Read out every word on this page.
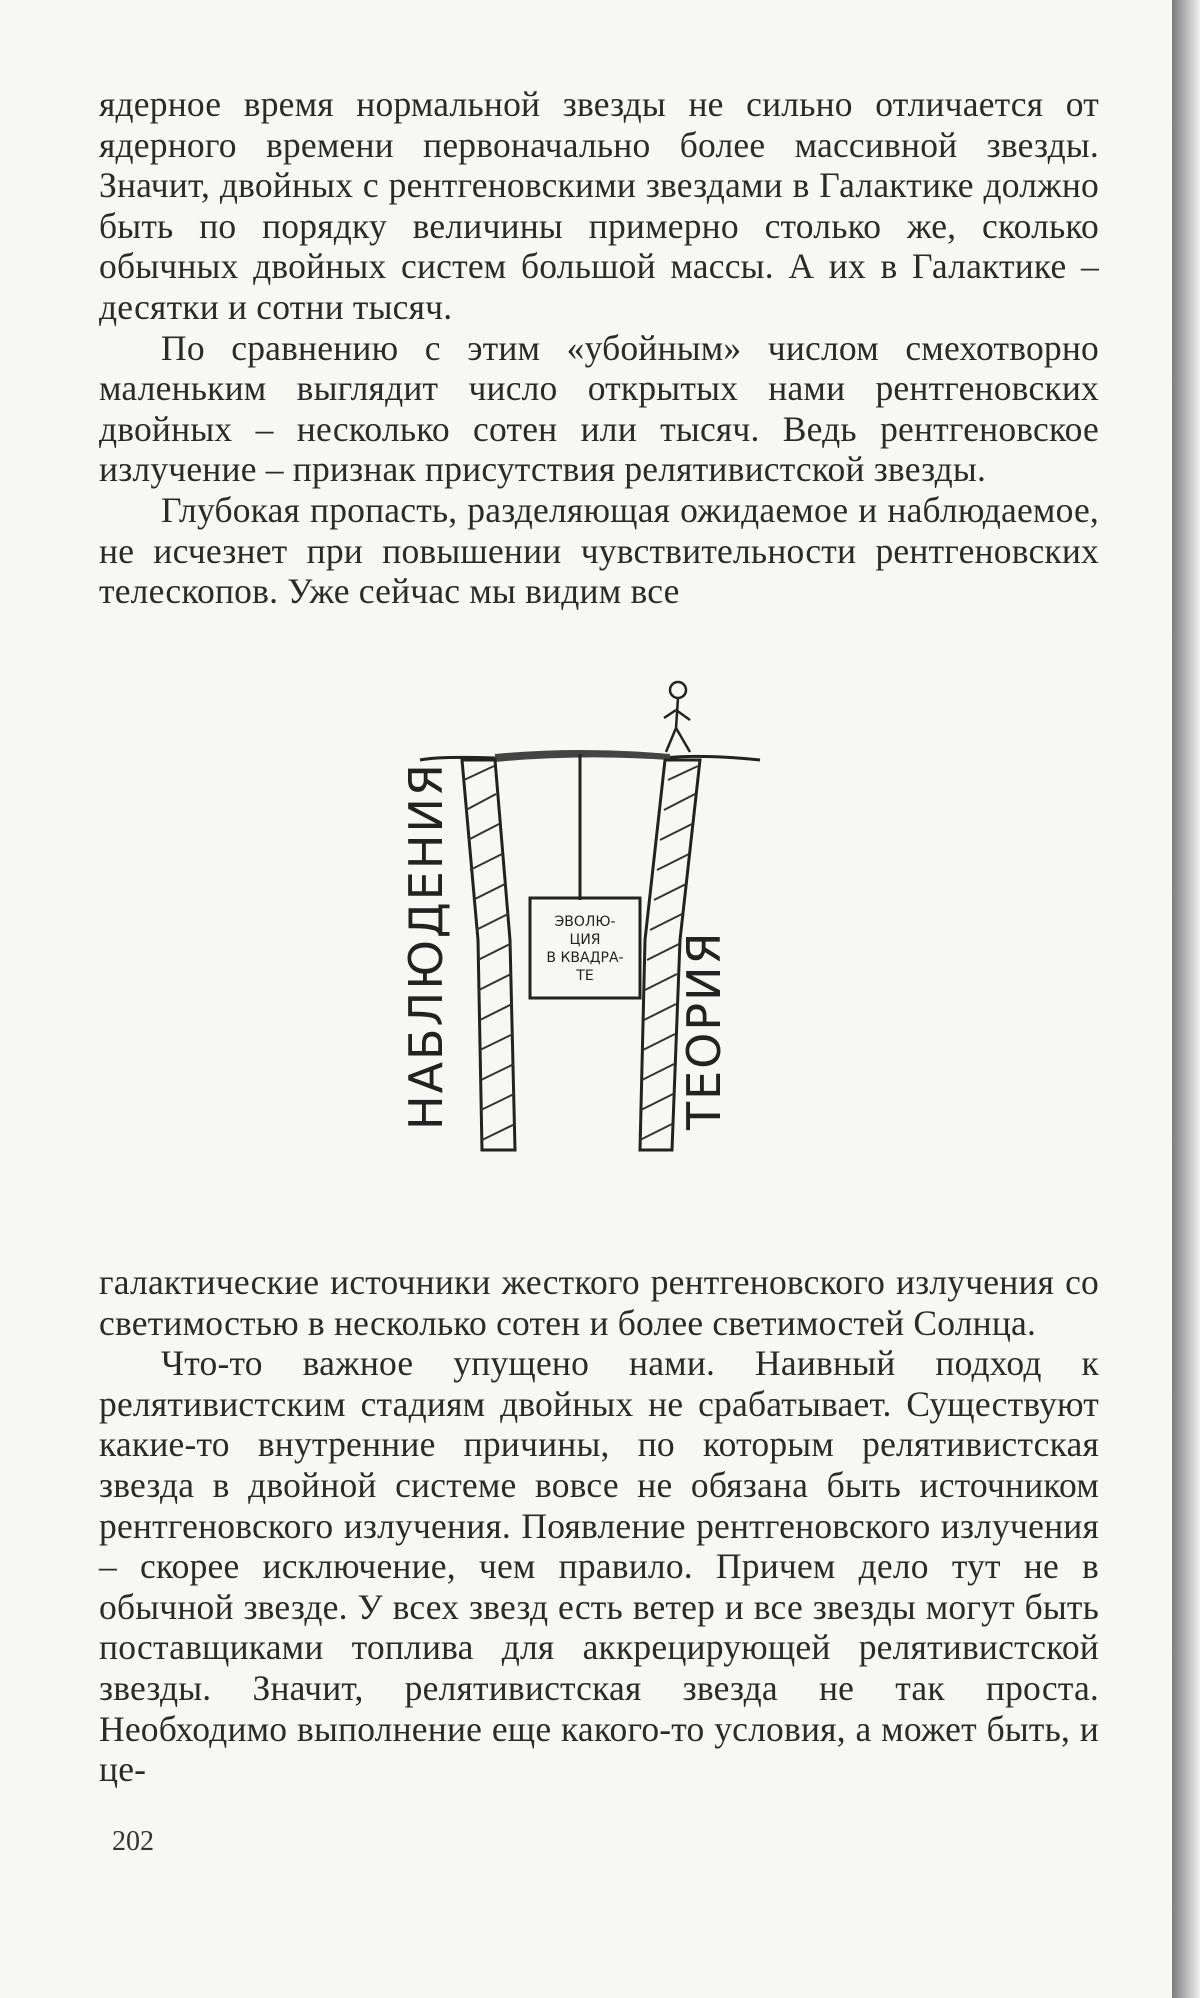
ядерное время нормальной звезды не сильно отличается от ядерного времени первоначально более массивной звезды. Значит, двойных с рентгеновскими звездами в Галактике должно быть по порядку величины примерно столько же, сколько обычных двойных систем большой массы. А их в Галактике – десятки и сотни тысяч.

По сравнению с этим «убойным» числом смехотворно маленьким выглядит число открытых нами рентгеновских двойных – несколько сотен или тысяч. Ведь рентгеновское излучение – признак присутствия релятивистской звезды.

Глубокая пропасть, разделяющая ожидаемое и наблюдаемое, не исчезнет при повышении чувствительности рентгеновских телескопов. Уже сейчас мы видим все

ЭВОЛЮ-
ЦИЯ
В КВАДРА-
ТЕ
НАБЛЮДЕНИЯ	ТЕОРИЯ

галактические источники жесткого рентгеновского излучения со светимостью в несколько сотен и более светимостей Солнца.

Что-то важное упущено нами. Наивный подход к релятивистским стадиям двойных не срабатывает. Существуют какие-то внутренние причины, по которым релятивистская звезда в двойной системе вовсе не обязана быть источником рентгеновского излучения. Появление рентгеновского излучения – скорее исключение, чем правило. Причем дело тут не в обычной звезде. У всех звезд есть ветер и все звезды могут быть поставщиками топлива для аккрецирующей релятивистской звезды. Значит, релятивистская звезда не так проста. Необходимо выполнение еще какого-то условия, а может быть, и це-

202
